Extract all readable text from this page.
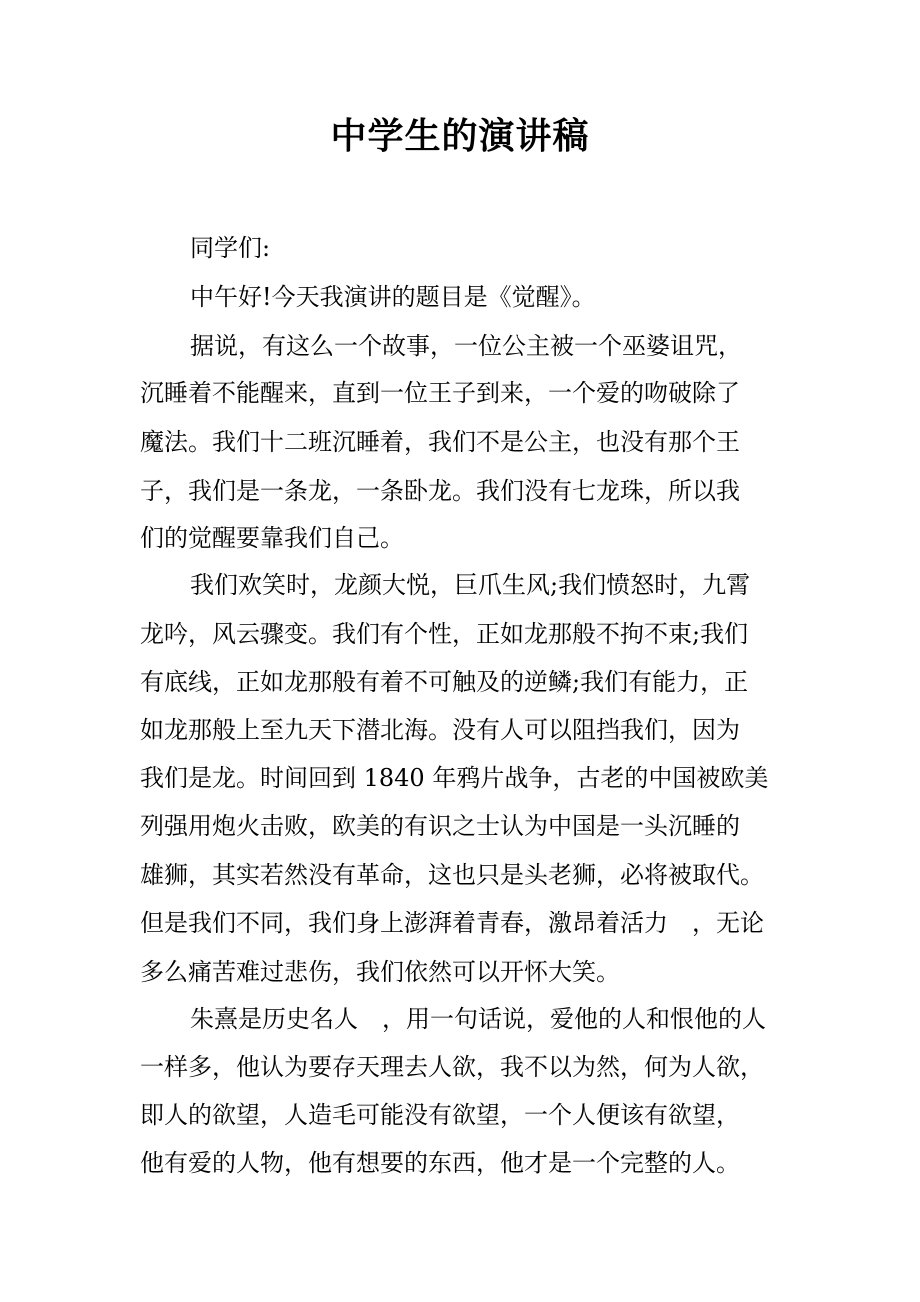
中学生的演讲稿

同学们:

中午好!今天我演讲的题目是《觉醒》。

据说，有这么一个故事，一位公主被一个巫婆诅咒，

沉睡着不能醒来，直到一位王子到来，一个爱的吻破除了

魔法。我们十二班沉睡着，我们不是公主，也没有那个王

子，我们是一条龙，一条卧龙。我们没有七龙珠，所以我

们的觉醒要靠我们自己。

我们欢笑时，龙颜大悦，巨爪生风;我们愤怒时，九霄

龙吟，风云骤变。我们有个性，正如龙那般不拘不束;我们

有底线，正如龙那般有着不可触及的逆鳞;我们有能力，正

如龙那般上至九天下潜北海。没有人可以阻挡我们，因为

我们是龙。时间回到 1840 年鸦片战争，古老的中国被欧美

列强用炮火击败，欧美的有识之士认为中国是一头沉睡的

雄狮，其实若然没有革命，这也只是头老狮，必将被取代。

但是我们不同，我们身上澎湃着青春，激昂着活力　，无论

多么痛苦难过悲伤，我们依然可以开怀大笑。

朱熹是历史名人　，用一句话说，爱他的人和恨他的人

一样多，他认为要存天理去人欲，我不以为然，何为人欲，

即人的欲望，人造毛可能没有欲望，一个人便该有欲望，

他有爱的人物，他有想要的东西，他才是一个完整的人。
